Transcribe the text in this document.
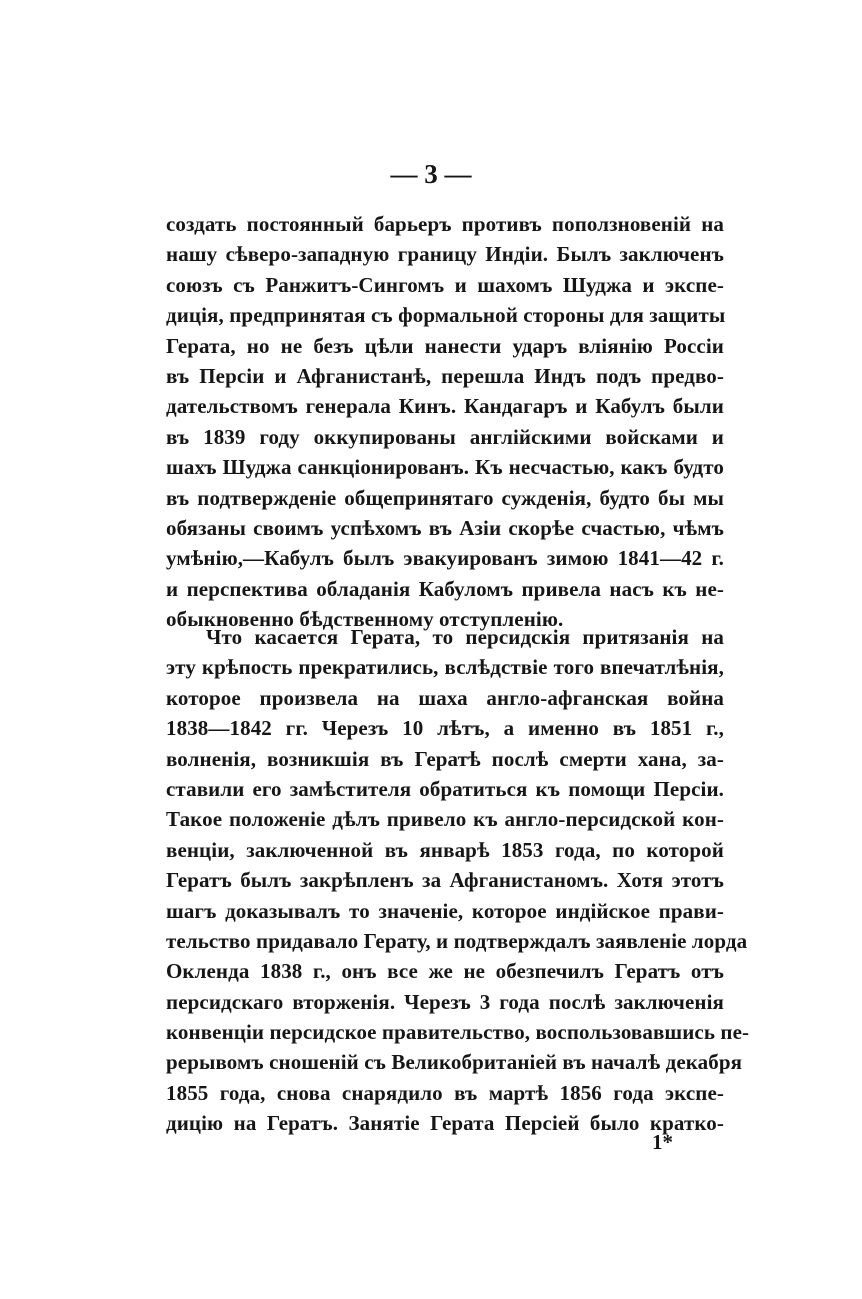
— 3 —
создать постоянный барьеръ противъ поползновенiй на
нашу сѣверо-западную границу Индiи. Былъ заключенъ
союзъ съ Ранжитъ-Сингомъ и шахомъ Шуджа и экспе-
дицiя, предпринятая съ формальной стороны для защиты
Герата, но не безъ цѣли нанести ударъ влiянiю Россiи
въ Персiи и Афганистанѣ, перешла Индъ подъ предво-
дательствомъ генерала Кинъ. Кандагаръ и Кабулъ были
въ 1839 году оккупированы англiйскими войсками и
шахъ Шуджа санкцiонированъ. Къ несчастью, какъ будто
въ подтвержденiе общепринятаго сужденiя, будто бы мы
обязаны своимъ успѣхомъ въ Азiи скорѣе счастью, чѣмъ
умѣнiю,—Кабулъ былъ эвакуированъ зимою 1841—42 г.
и перспектива обладанiя Кабуломъ привела насъ къ не-
обыкновенно бѣдственному отступленiю.
Что касается Герата, то персидскiя притязанiя на
эту крѣпость прекратились, вслѣдствiе того впечатлѣнiя,
которое произвела на шаха англо-афганская война
1838—1842 гг. Черезъ 10 лѣтъ, а именно въ 1851 г.,
волненiя, возникшiя въ Гератѣ послѣ смерти хана, за-
ставили его замѣстителя обратиться къ помощи Персiи.
Такое положенiе дѣлъ привело къ англо-персидской кон-
венцiи, заключенной въ январѣ 1853 года, по которой
Гератъ былъ закрѣпленъ за Афганистаномъ. Хотя этотъ
шагъ доказывалъ то значенiе, которое индiйское прави-
тельство придавало Герату, и подтверждалъ заявленiе лорда
Окленда 1838 г., онъ все же не обезпечилъ Гератъ отъ
персидскаго вторженiя. Черезъ 3 года послѣ заключенiя
конвенцiи персидское правительство, воспользовавшись пе-
рерывомъ сношенiй съ Великобританiей въ началѣ декабря
1855 года, снова снарядило въ мартѣ 1856 года экспе-
дицiю на Гератъ. Занятiе Герата Персiей было кратко-
1*
